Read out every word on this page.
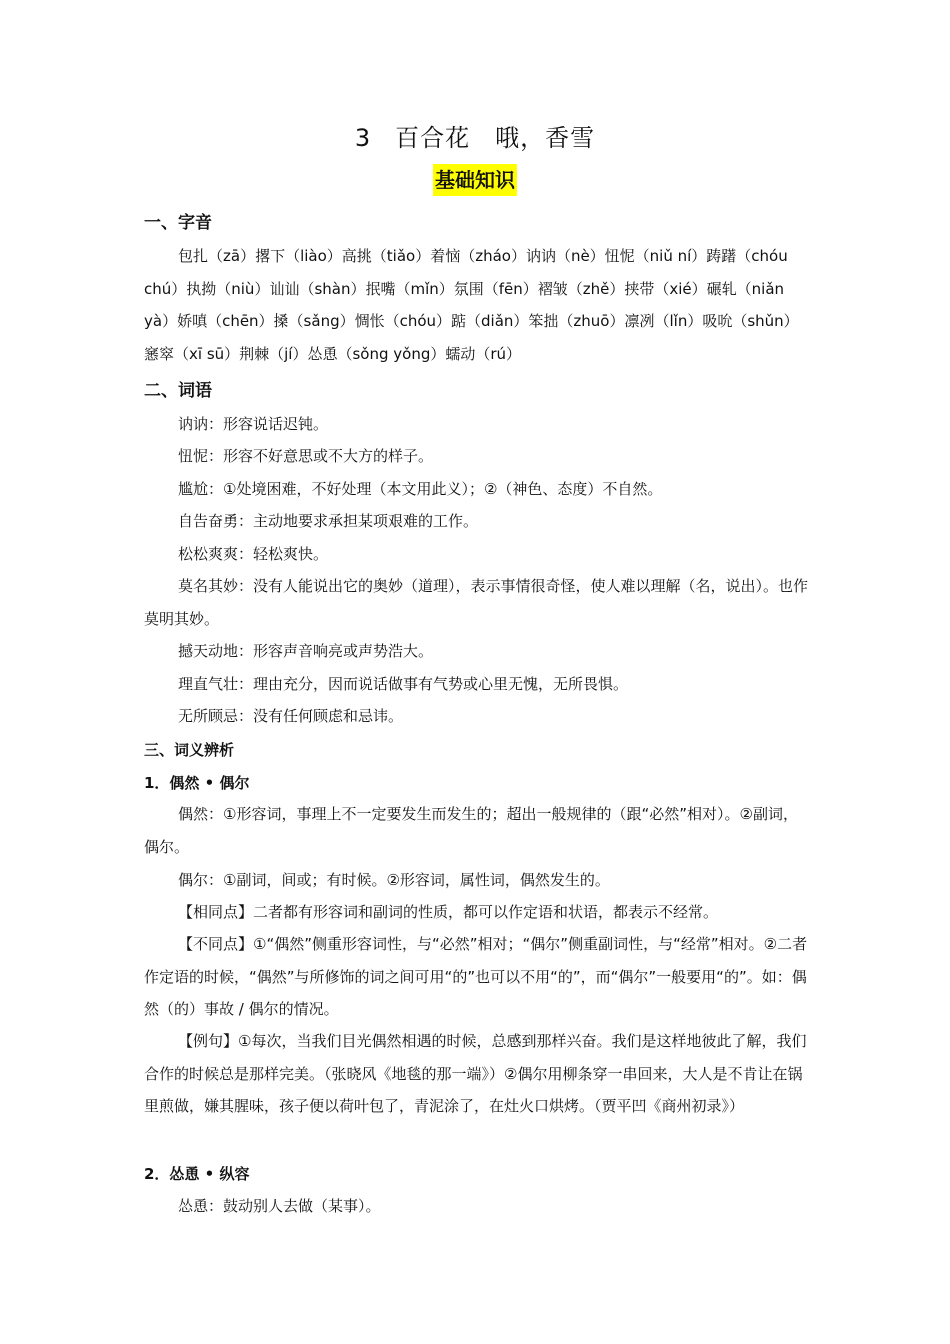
3 百合花　哦，香雪
基础知识
一、字音
包扎（zā）撂下（liào）高挑（tiǎo）着恼（zháo）讷讷（nè）忸怩（niǔ ní）踌躇（chóu chú）执拗（niù）讪讪（shàn）抿嘴（mǐn）氛围（fēn）褶皱（zhě）挟带（xié）碾轧（niǎn yà）娇嗔（chēn）搡（sǎng）惆怅（chóu）踮（diǎn）笨拙（zhuō）凛冽（lǐn）吸吮（shǔn）窸窣（xī sū）荆棘（jí）怂恿（sǒng yǒng）蠕动（rú）
二、词语
讷讷：形容说话迟钝。
忸怩：形容不好意思或不大方的样子。
尴尬：①处境困难，不好处理（本文用此义）；②（神色、态度）不自然。
自告奋勇：主动地要求承担某项艰难的工作。
松松爽爽：轻松爽快。
莫名其妙：没有人能说出它的奥妙（道理），表示事情很奇怪，使人难以理解（名，说出）。也作莫明其妙。
撼天动地：形容声音响亮或声势浩大。
理直气壮：理由充分，因而说话做事有气势或心里无愧，无所畏惧。
无所顾忌：没有任何顾虑和忌讳。
三、词义辨析
1．偶然 • 偶尔
偶然：①形容词，事理上不一定要发生而发生的；超出一般规律的（跟“必然”相对）。②副词，偶尔。
偶尔：①副词，间或；有时候。②形容词，属性词，偶然发生的。
【相同点】二者都有形容词和副词的性质，都可以作定语和状语，都表示不经常。
【不同点】①“偶然”侧重形容词性，与“必然”相对；“偶尔”侧重副词性，与“经常”相对。②二者作定语的时候，“偶然”与所修饰的词之间可用“的”也可以不用“的”，而“偶尔”一般要用“的”。如：偶然（的）事故 / 偶尔的情况。
【例句】①每次，当我们目光偶然相遇的时候，总感到那样兴奋。我们是这样地彼此了解，我们合作的时候总是那样完美。（张晓风《地毯的那一端》）②偶尔用柳条穿一串回来，大人是不肯让在锅里煎做，嫌其腥味，孩子便以荷叶包了，青泥涂了，在灶火口烘烤。（贾平凹《商州初录》）
2．怂恿 • 纵容
怂恿：鼓动别人去做（某事）。
